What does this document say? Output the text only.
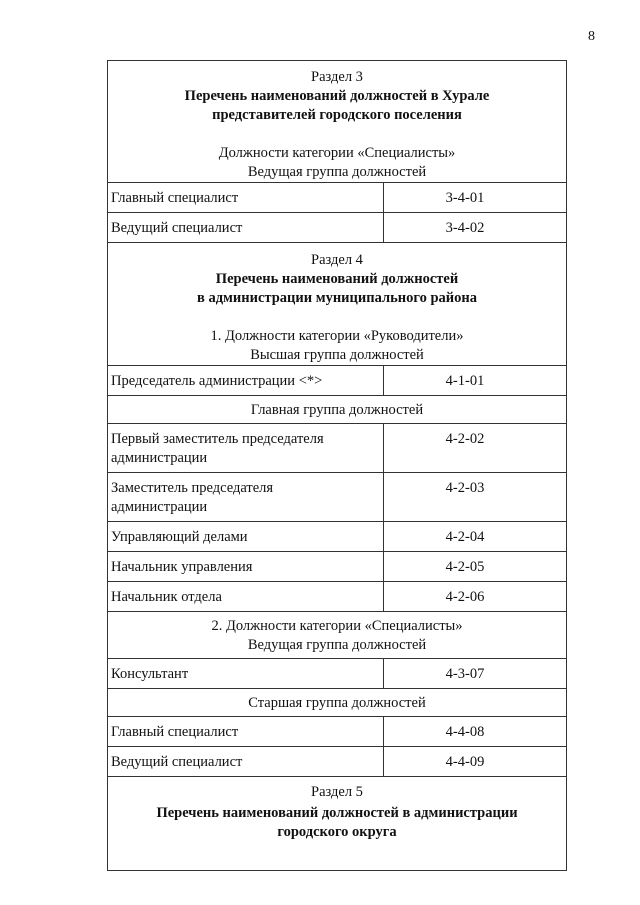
8
Раздел 3
Перечень наименований должностей в Хурале
представителей городского поселения
Должности категории «Специалисты»
Ведущая группа должностей	

Главный специалист	3-4-01
Ведущий специалист	3-4-02

Раздел 4
Перечень наименований должностей
в администрации муниципального района
1. Должности категории «Руководители»
Высшая группа должностей	

Председатель администрации <*>	4-1-01
Главная группа должностей	

Первый заместитель председателя
администрации	4-2-02

Заместитель председателя
администрации	4-2-03
Управляющий делами	4-2-04
Начальник управления	4-2-05
Начальник отдела	4-2-06

2. Должности категории «Специалисты»
Ведущая группа должностей	

Консультант	4-3-07
Старшая группа должностей	
Главный специалист	4-4-08
Ведущий специалист	4-4-09

Раздел 5
Перечень наименований должностей в администрации
городского округа	
